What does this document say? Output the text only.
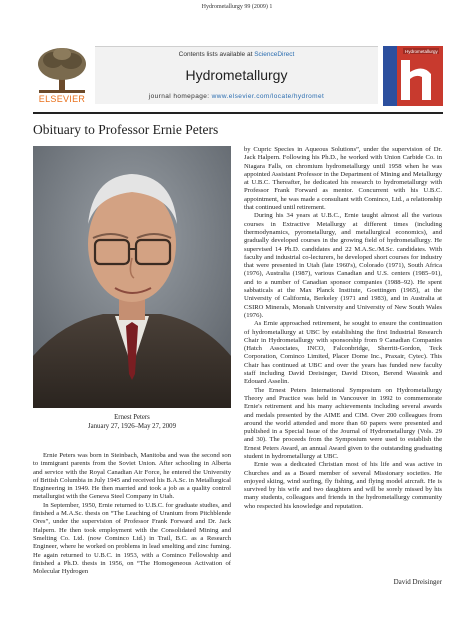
Hydrometallurgy 99 (2009) 1
ELSEVIER
Contents lists available at ScienceDirect
Hydrometallurgy
journal homepage: www.elsevier.com/locate/hydromet
Hydrometallurgy
Obituary to Professor Ernie Peters
Ernest Peters
January 27, 1926–May 27, 2009

Ernie Peters was born in Steinbach, Manitoba and was the second son to immigrant parents from the Soviet Union. After schooling in Alberta and service with the Royal Canadian Air Force, he entered the University of British Columbia in July 1945 and received his B.A.Sc. in Metallurgical Engineering in 1949. He then married and took a job as a quality control metallurgist with the Geneva Steel Company in Utah.

In September, 1950, Ernie returned to U.B.C. for graduate studies, and finished a M.A.Sc. thesis on “The Leaching of Uranium from Pitchblende Ores”, under the supervision of Professor Frank Forward and Dr. Jack Halpern. He then took employment with the Consolidated Mining and Smelting Co. Ltd. (now Cominco Ltd.) in Trail, B.C. as a Research Engineer, where he worked on problems in lead smelting and zinc fuming. He again returned to U.B.C. in 1953, with a Cominco Fellowship and finished a Ph.D. thesis in 1956, on “The Homogeneous Activation of Molecular Hydrogen

by Cupric Species in Aqueous Solutions”, under the supervision of Dr. Jack Halpern. Following his Ph.D., he worked with Union Carbide Co. in Niagara Falls, on chromium hydrometallurgy until 1958 when he was appointed Assistant Professor in the Department of Mining and Metallurgy at U.B.C. Thereafter, he dedicated his research to hydrometallurgy with Professor Frank Forward as mentor. Concurrent with his U.B.C. appointment, he was made a consultant with Cominco, Ltd., a relationship that continued until retirement.

During his 34 years at U.B.C., Ernie taught almost all the various courses in Extractive Metallurgy at different times (including thermodynamics, pyrometallurgy, and metallurgical economics), and gradually developed courses in the growing field of hydrometallurgy. He supervised 14 Ph.D. candidates and 22 M.A.Sc./M.Sc. candidates. With faculty and industrial co-lecturers, he developed short courses for industry that were presented in Utah (late 1960's), Colorado (1971), South Africa (1976), Australia (1987), various Canadian and U.S. centers (1985–91), and to a number of Canadian sponsor companies (1988–92). He spent sabbaticals at the Max Planck Institute, Goettingen (1965), at the University of California, Berkeley (1971 and 1983), and in Australia at CSIRO Minerals, Monash University and University of New South Wales (1976).

As Ernie approached retirement, he sought to ensure the continuation of hydrometallurgy at UBC by establishing the first Industrial Research Chair in Hydrometallurgy with sponsorship from 9 Canadian Companies (Hatch Associates, INCO, Falconbridge, Sherritt-Gordon, Teck Corporation, Cominco Limited, Placer Dome Inc., Praxair, Cytec). This Chair has continued at UBC and over the years has funded new faculty staff including David Dreisinger, David Dixon, Berend Wassink and Edouard Asselin.

The Ernest Peters International Symposium on Hydrometallurgy Theory and Practice was held in Vancouver in 1992 to commemorate Ernie's retirement and his many achievements including several awards and medals presented by the AIME and CIM. Over 200 colleagues from around the world attended and more than 60 papers were presented and published in a Special Issue of the Journal of Hydrometallurgy (Vols. 29 and 30). The proceeds from the Symposium were used to establish the Ernest Peters Award, an annual Award given to the outstanding graduating student in hydrometallurgy at UBC.

Ernie was a dedicated Christian most of his life and was active in Churches and as a Board member of several Missionary societies. He enjoyed skiing, wind surfing, fly fishing, and flying model aircraft. He is survived by his wife and two daughters and will be sorely missed by his many students, colleagues and friends in the hydrometallurgy community who respected his knowledge and reputation.

David Dreisinger
